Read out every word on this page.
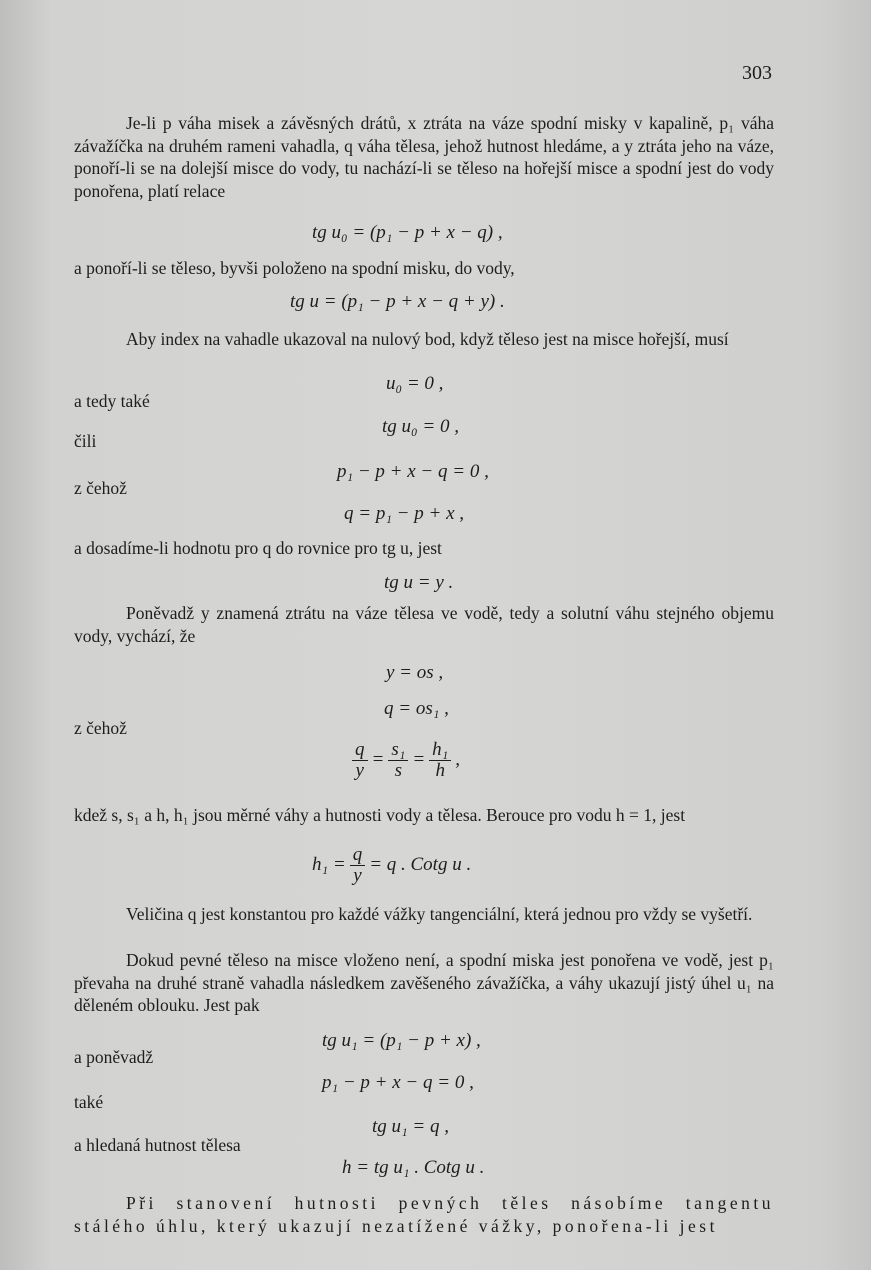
303
Je-li p váha misek a závěsných drátů, x ztráta na váze spodní misky v kapalině, p₁ váha závažíčka na druhém rameni vahadla, q váha tělesa, jehož hutnost hledáme, a y ztráta jeho na váze, ponoří-li se na dolejší misce do vody, tu nachází-li se těleso na hořejší misce a spodní jest do vody ponořena, platí relace
tg u₀ = (p₁ − p + x − q) ,
a ponoří-li se těleso, byvši položeno na spodní misku, do vody,
tg u = (p₁ − p + x − q + y) .
Aby index na vahadle ukazoval na nulový bod, když těleso jest na misce hořejší, musí
u₀ = 0 ,
a tedy také
tg u₀ = 0 ,
čili
p₁ − p + x − q = 0 ,
z čehož
q = p₁ − p + x ,
a dosadíme-li hodnotu pro q do rovnice pro tg u, jest
tg u = y .
Poněvadž y znamená ztrátu na váze tělesa ve vodě, tedy a solutní váhu stejného objemu vody, vychází, že
y = os ,
z čehož
q = os₁ ,
$\frac{q}{y} = \frac{\text{s₁}}{s} = \frac{\text{h₁}}{h}$ ,
kdež s, s₁ a h, h₁ jsou měrné váhy a hutnosti vody a tělesa. Berouce pro vodu h = 1, jest
$h_1 = \frac{q}{y} = q$ . Cotg u .
Veličina q jest konstantou pro každé vážky tangenciální, která jednou pro vždy se vyšetří.
Dokud pevné těleso na misce vloženo není, a spodní miska jest ponořena ve vodě, jest p₁ převaha na druhé straně vahadla následkem zavěšeného závažíčka, a váhy ukazují jistý úhel u₁ na děleném oblouku. Jest pak
tg u₁ = (p₁ − p + x) ,
a poněvadž
p₁ − p + x − q = 0 ,
také
tg u₁ = q ,
a hledaná hutnost tělesa
h = tg u₁ . Cotg u .
Při stanovení hutnosti pevných těles násobíme tangentu stálého úhlu, který ukazují nezatížené vážky, ponořena-li jest
